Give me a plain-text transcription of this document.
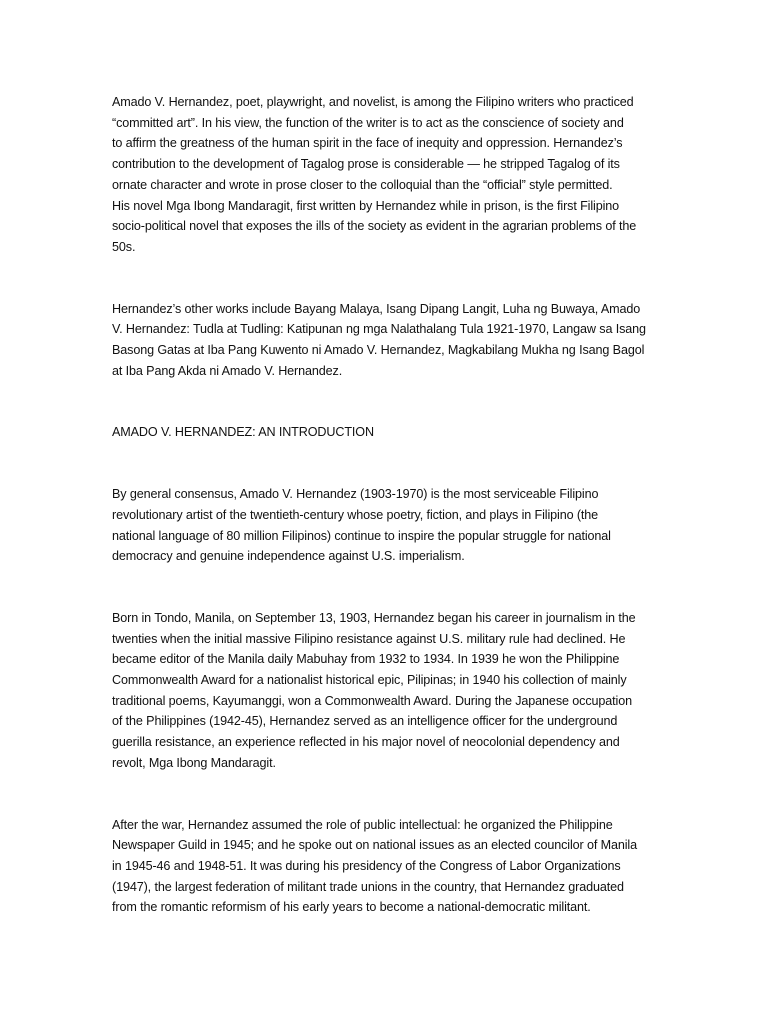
Amado V. Hernandez, poet, playwright, and novelist, is among the Filipino writers who practiced
“committed art”. In his view, the function of the writer is to act as the conscience of society and
to affirm the greatness of the human spirit in the face of inequity and oppression. Hernandez’s
contribution to the development of Tagalog prose is considerable — he stripped Tagalog of its
ornate character and wrote in prose closer to the colloquial than the “official” style permitted.
His novel Mga Ibong Mandaragit, first written by Hernandez while in prison, is the first Filipino
socio-political novel that exposes the ills of the society as evident in the agrarian problems of the
50s.

Hernandez’s other works include Bayang Malaya, Isang Dipang Langit, Luha ng Buwaya, Amado
V. Hernandez: Tudla at Tudling: Katipunan ng mga Nalathalang Tula 1921-1970, Langaw sa Isang
Basong Gatas at Iba Pang Kuwento ni Amado V. Hernandez, Magkabilang Mukha ng Isang Bagol
at Iba Pang Akda ni Amado V. Hernandez.

AMADO V. HERNANDEZ: AN INTRODUCTION

By general consensus, Amado V. Hernandez (1903-1970) is the most serviceable Filipino
revolutionary artist of the twentieth-century whose poetry, fiction, and plays in Filipino (the
national language of 80 million Filipinos) continue to inspire the popular struggle for national
democracy and genuine independence against U.S. imperialism.

Born in Tondo, Manila, on September 13, 1903, Hernandez began his career in journalism in the
twenties when the initial massive Filipino resistance against U.S. military rule had declined. He
became editor of the Manila daily Mabuhay from 1932 to 1934. In 1939 he won the Philippine
Commonwealth Award for a nationalist historical epic, Pilipinas; in 1940 his collection of mainly
traditional poems, Kayumanggi, won a Commonwealth Award. During the Japanese occupation
of the Philippines (1942-45), Hernandez served as an intelligence officer for the underground
guerilla resistance, an experience reflected in his major novel of neocolonial dependency and
revolt, Mga Ibong Mandaragit.

After the war, Hernandez assumed the role of public intellectual: he organized the Philippine
Newspaper Guild in 1945; and he spoke out on national issues as an elected councilor of Manila
in 1945-46 and 1948-51. It was during his presidency of the Congress of Labor Organizations
(1947), the largest federation of militant trade unions in the country, that Hernandez graduated
from the romantic reformism of his early years to become a national-democratic militant.
